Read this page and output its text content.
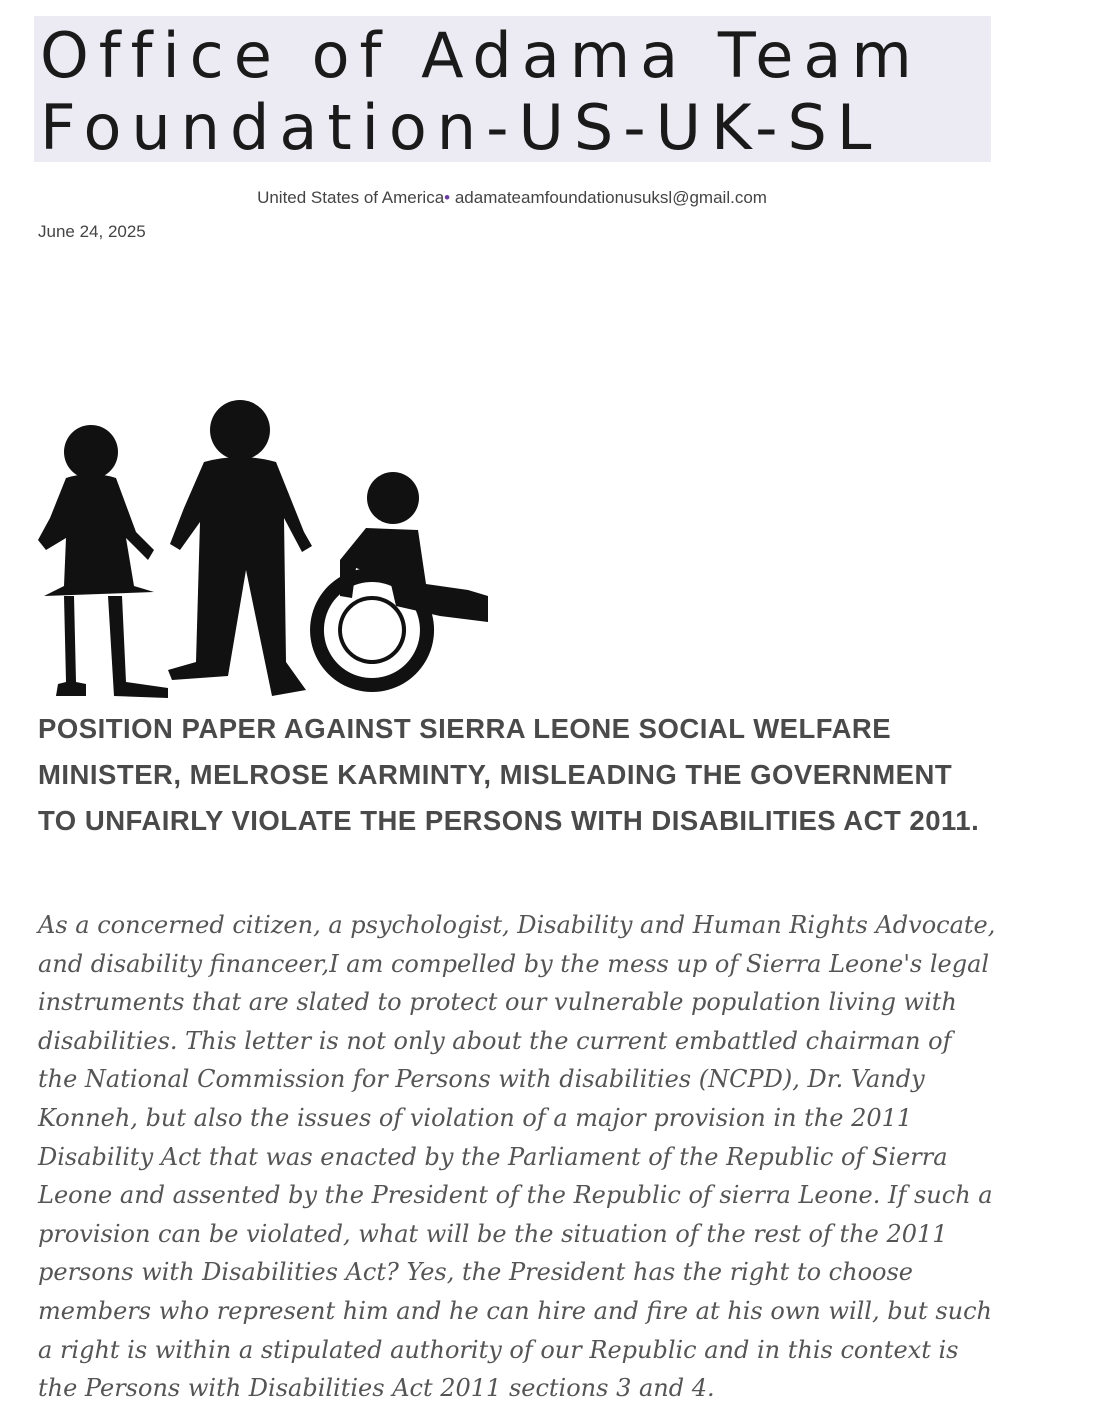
Office of Adama Team
Foundation-US-UK-SL
United States of America• adamateamfoundationusuksl@gmail.com
June 24, 2025
POSITION PAPER AGAINST SIERRA LEONE SOCIAL WELFARE MINISTER, MELROSE KARMINTY, MISLEADING THE GOVERNMENT TO UNFAIRLY VIOLATE THE PERSONS WITH DISABILITIES ACT 2011.

As a concerned citizen, a psychologist, Disability and Human Rights Advocate, and disability financeer,I am compelled by the mess up of Sierra Leone's legal instruments that are slated to protect our vulnerable population living with disabilities. This letter is not only about the current embattled chairman of the National Commission for Persons with disabilities (NCPD), Dr. Vandy Konneh, but also the issues of violation of a major provision in the 2011 Disability Act that was enacted by the Parliament of the Republic of Sierra Leone and assented by the President of the Republic of sierra Leone. If such a provision can be violated, what will be the situation of the rest of the 2011 persons with Disabilities Act? Yes, the President has the right to choose members who represent him and he can hire and fire at his own will, but such a right is within a stipulated authority of our Republic and in this context is the Persons with Disabilities Act 2011 sections 3 and 4.
